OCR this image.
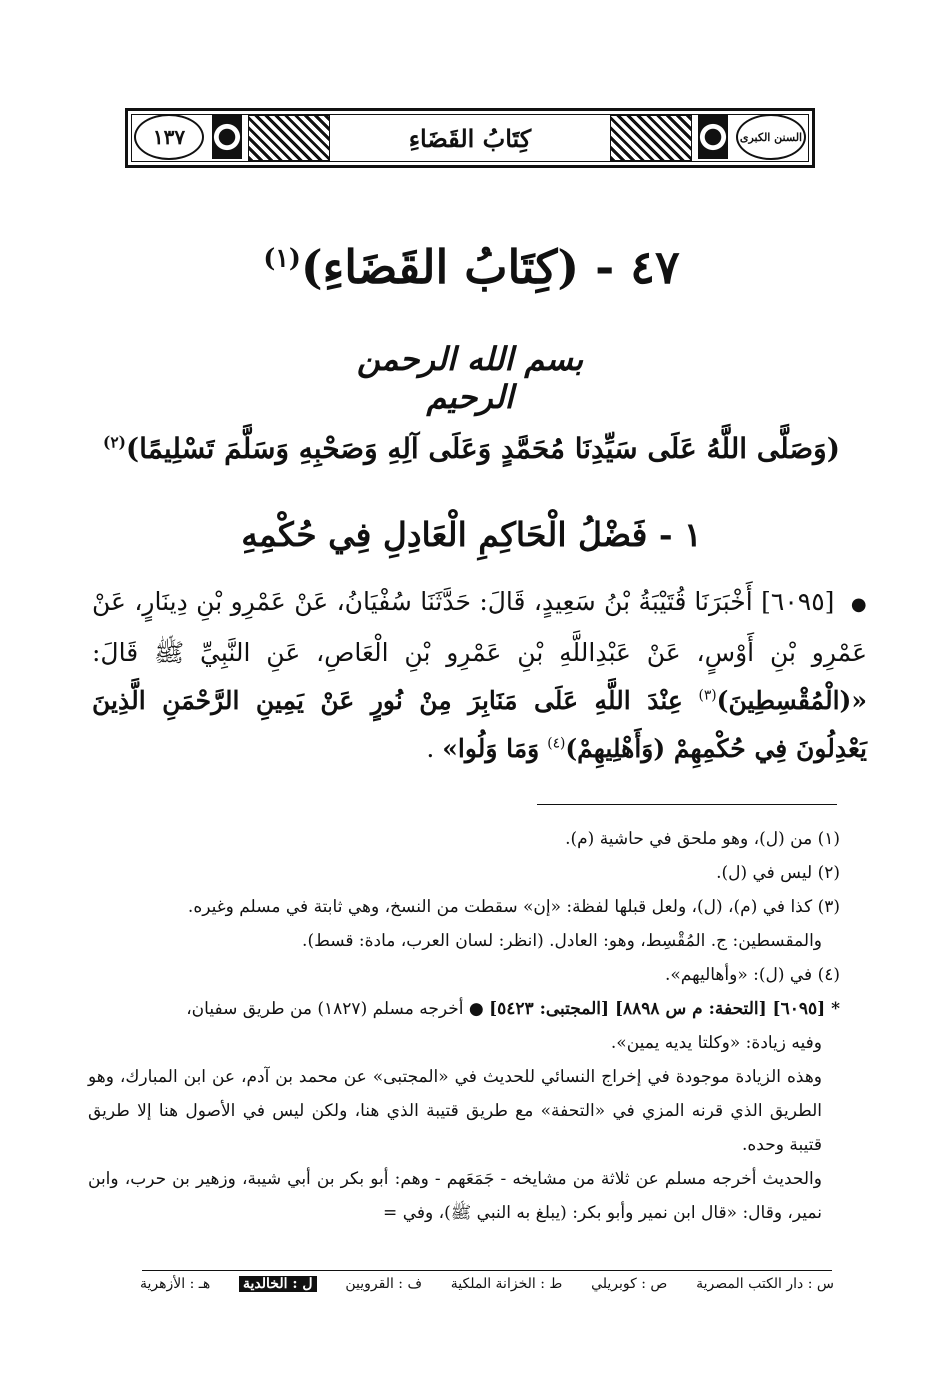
١٣٧	كِتَابُ القَضَاءِ	السنن الكبرى
٤٧ - (كِتَابُ القَضَاءِ)$^{(١)}$
بسم الله الرحمن الرحيم
(وَصَلَّى اللَّهُ عَلَى سَيِّدِنَا مُحَمَّدٍ وَعَلَى آلِهِ وَصَحْبِهِ وَسَلَّمَ تَسْلِيمًا)$^{(٢)}$
١ - فَضْلُ الْحَاكِمِ الْعَادِلِ فِي حُكْمِهِ
● [٦٠٩٥] أَخْبَرَنَا قُتَيْبَةُ بْنُ سَعِيدٍ، قَالَ: حَدَّثَنَا سُفْيَانُ، عَنْ عَمْرِو بْنِ دِينَارٍ، عَنْ عَمْرِو بْنِ أَوْسٍ، عَنْ عَبْدِاللَّهِ بْنِ عَمْرِو بْنِ الْعَاصِ، عَنِ النَّبِيِّ ﷺ قَالَ: «(الْمُقْسِطِينَ)$^{(٣)}$ عِنْدَ اللَّهِ عَلَى مَنَابِرَ مِنْ نُورٍ عَنْ يَمِينِ الرَّحْمَنِ الَّذِينَ يَعْدِلُونَ فِي حُكْمِهِمْ (وَأَهْلِيهِمْ)$^{(٤)}$ وَمَا وَلُوا» .
(١) من (ل)، وهو ملحق في حاشية (م).
(٢) ليس في (ل).
(٣) كذا في (م)، (ل)، ولعل قبلها لفظة: «إن» سقطت من النسخ، وهي ثابتة في مسلم وغيره.
والمقسطين: ج. المُقْسِط، وهو: العادل. (انظر: لسان العرب، مادة: قسط).
(٤) في (ل): «وأهاليهم».
* [٦٠٩٥] [التحفة: م س ٨٨٩٨] [المجتبى: ٥٤٢٣] ● أخرجه مسلم (١٨٢٧) من طريق سفيان،
وفيه زيادة: «وكلتا يديه يمين».
وهذه الزيادة موجودة في إخراج النسائي للحديث في «المجتبى» عن محمد بن آدم، عن ابن المبارك، وهو الطريق الذي قرنه المزي في «التحفة» مع طريق قتيبة الذي هنا، ولكن ليس في الأصول هنا إلا طريق قتيبة وحده.
والحديث أخرجه مسلم عن ثلاثة من مشايخه - جَمَعَهم - وهم: أبو بكر بن أبي شيبة، وزهير بن حرب، وابن نمير، وقال: «قال ابن نمير وأبو بكر: (يبلغ به النبي ﷺ)، وفي =
س : دار الكتب المصرية
ص : كوبريلي
ط : الخزانة الملكية
ف : القرويين
ل : الخالدية
هـ : الأزهرية
